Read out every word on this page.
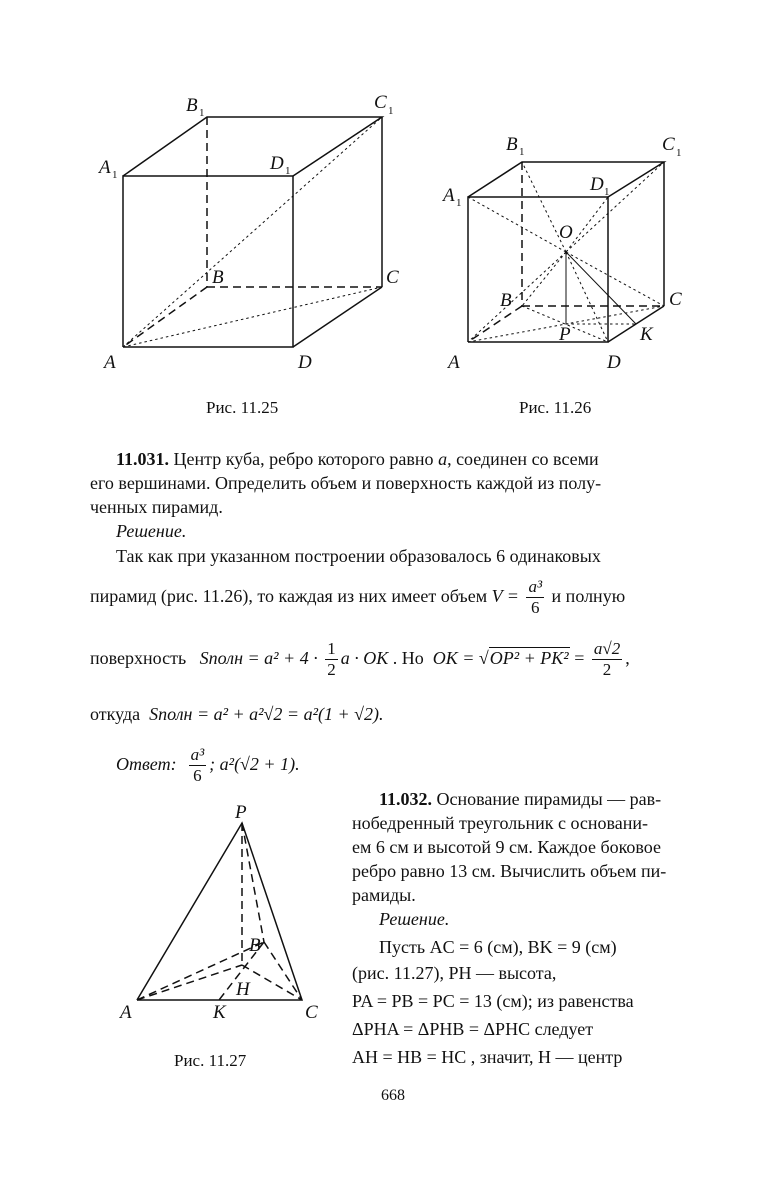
A	D
B	C
A 1
B 1	C 1
D 1
Рис. 11.25
A	D
B	C
A 1
B 1	C 1
D 1
O
P	K
Рис. 11.26
11.031. Центр куба, ребро которого равно a, соединен со всеми
его вершинами. Определить объем и поверхность каждой из полу-
ченных пирамид.
Решение.
Так как при указанном построении образовалось 6 одинаковых
пирамид (рис. 11.26), то каждая из них имеет объем $V = \frac{\text{a³}}{6}$ и полную
поверхность Sполн = $a^2 + 4 \cdot \frac{1}{2}$ a · OK . Но OK = $√OP^2 + PK^2 = \frac{a√2}{2}$ ,
откуда Sполн = a² + a²√2 = a²(1 + √2).
Ответ: $\frac{\text{a³}}{6}$ ; a²(√2 + 1).
P
A	K	C
B
H
Рис. 11.27
11.032. Основание пирамиды — рав-
нобедренный треугольник с основани-
ем 6 см и высотой 9 см. Каждое боковое
ребро равно 13 см. Вычислить объем пи-
рамиды.
Решение.
Пусть AC = 6 (см), BK = 9 (см)
(рис. 11.27), PH — высота,
PA = PB = PC = 13 (см); из равенства
ΔPHA = ΔPHB = ΔPHC следует
AH = HB = HC , значит, H — центр
668
